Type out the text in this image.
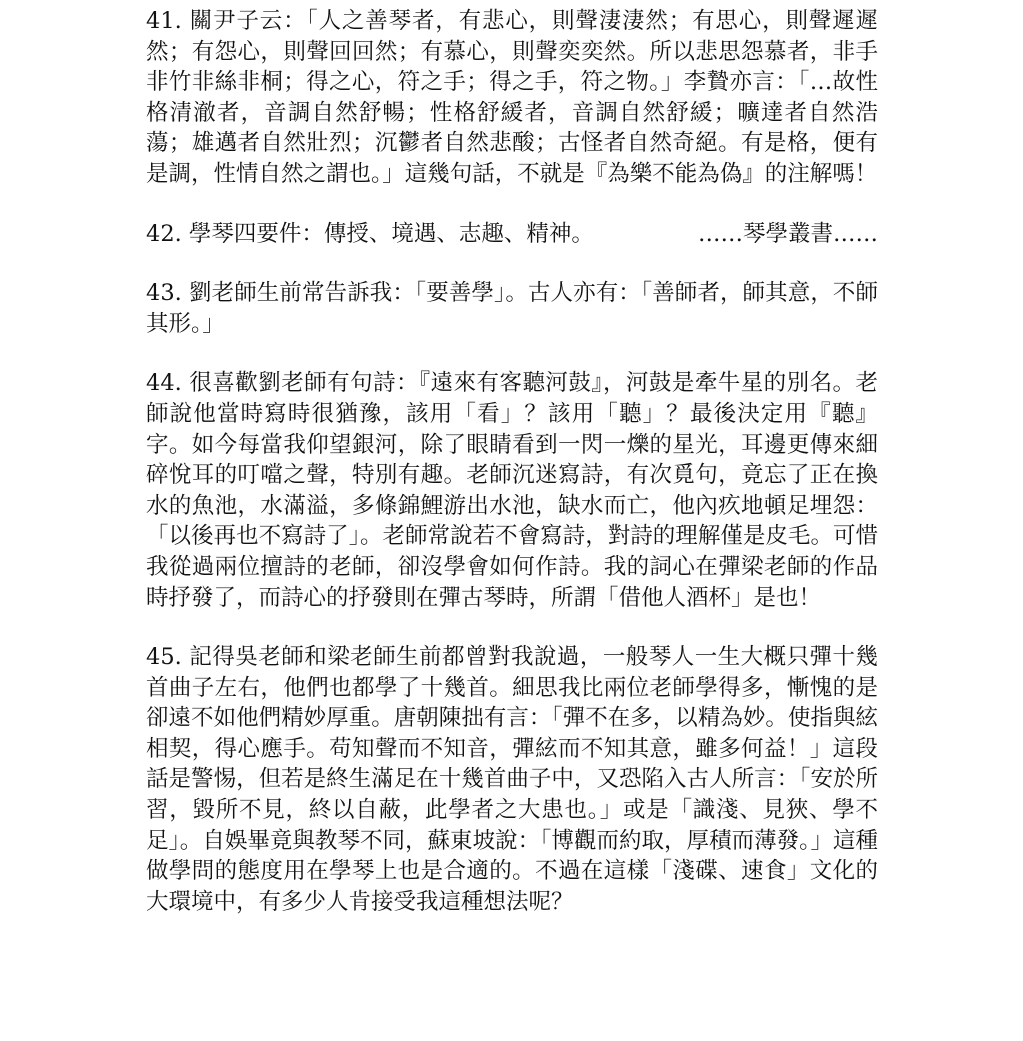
41. 關尹子云：「人之善琴者，有悲心，則聲淒淒然；有思心，則聲遲遲然；有怨心，則聲回回然；有慕心，則聲奕奕然。所以悲思怨慕者，非手非竹非絲非桐；得之心，符之手；得之手，符之物。」李贄亦言：「…故性格清澈者，音調自然舒暢；性格舒緩者，音調自然舒緩；曠達者自然浩蕩；雄邁者自然壯烈；沉鬱者自然悲酸；古怪者自然奇絕。有是格，便有是調，性情自然之謂也。」這幾句話，不就是『為樂不能為偽』的注解嗎！

42. 學琴四要件：傳授、境遇、志趣、精神。	……琴學叢書……

43. 劉老師生前常告訴我：「要善學」。古人亦有：「善師者，師其意，不師其形。」

44. 很喜歡劉老師有句詩：『遠來有客聽河鼓』，河鼓是牽牛星的別名。老師說他當時寫時很猶豫，該用「看」？該用「聽」？最後決定用『聽』字。如今每當我仰望銀河，除了眼睛看到一閃一爍的星光，耳邊更傳來細碎悅耳的叮噹之聲，特別有趣。老師沉迷寫詩，有次覓句，竟忘了正在換水的魚池，水滿溢，多條錦鯉游出水池，缺水而亡，他內疚地頓足埋怨：「以後再也不寫詩了」。老師常說若不會寫詩，對詩的理解僅是皮毛。可惜我從過兩位擅詩的老師，卻沒學會如何作詩。我的詞心在彈梁老師的作品時抒發了，而詩心的抒發則在彈古琴時，所謂「借他人酒杯」是也！

45. 記得吳老師和梁老師生前都曾對我說過，一般琴人一生大概只彈十幾首曲子左右，他們也都學了十幾首。細思我比兩位老師學得多，慚愧的是卻遠不如他們精妙厚重。唐朝陳拙有言：「彈不在多，以精為妙。使指與絃相契，得心應手。苟知聲而不知音，彈絃而不知其意，雖多何益！」這段話是警惕，但若是終生滿足在十幾首曲子中，又恐陷入古人所言：「安於所習，毀所不見，終以自蔽，此學者之大患也。」或是「識淺、見狹、學不足」。自娛畢竟與教琴不同，蘇東坡說：「博觀而約取，厚積而薄發。」這種做學問的態度用在學琴上也是合適的。不過在這樣「淺碟、速食」文化的大環境中，有多少人肯接受我這種想法呢？
